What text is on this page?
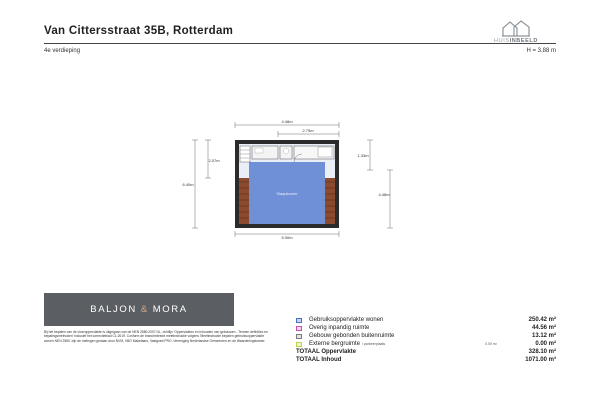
Van Cittersstraat 35B, Rotterdam
4e verdieping	H = 3.88 m
HUISINBEELD
Slaapkamer
4.48m
2.79m
5.90m
6.40m
2.07m
1.33m
4.48m
BALJON & MORA
Bij het bepalen van de vloeroppervlakte is uitgegaan van de NEN 2580:2007 NL, richtlijn 'Oppervlakten en inhouden van gebouwen - Termen definities en bepalingsmethoden' inclusief het correctieblad C1:2019. Conform de branchebrede meetinstructie volgens 'Meetinstructie bepalen gebruiksoppervlakte wonen NEN 2580' zijn de metingen gedaan door NVM, VBO Makelaars, Vastgoed PRO, Vereniging Nederlandse Gemeenten en de Waarderingskamer.
Gebruiksoppervlakte wonen	250.42 m²
Overig inpandig ruimte	44.56 m²
Gebouw gebonden buitenruimte	13.12 m²
Externe bergruimte / parkeerplaats	0.00 m²	0.00 m²
TOTAAL Oppervlakte	328.10 m²
TOTAAL Inhoud	1071.00 m³
